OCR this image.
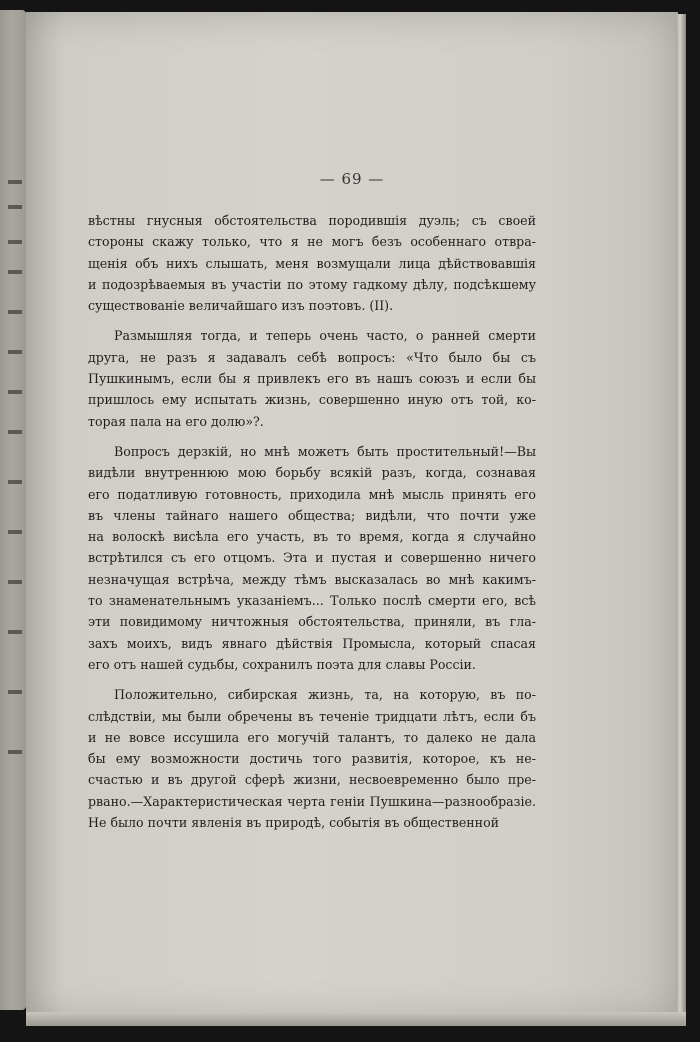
— 69 —
вѣстны гнусныя обстоятельства породившія дуэль; съ своей
стороны скажу только, что я не могъ безъ особеннаго отвра-
щенія объ нихъ слышать, меня возмущали лица дѣйствовавшія
и подозрѣваемыя въ участіи по этому гадкому дѣлу, подсѣкшему
существованіе величайшаго изъ поэтовъ. (II).
Размышляя тогда, и теперь очень часто, о ранней смерти
друга, не разъ я задавалъ себѣ вопросъ: «Что было бы съ
Пушкинымъ, если бы я привлекъ его въ нашъ союзъ и если бы
пришлось ему испытать жизнь, совершенно иную отъ той, ко-
торая пала на его долю»?.
Вопросъ дерзкій, но мнѣ можетъ быть простительный!—Вы
видѣли внутреннюю мою борьбу всякій разъ, когда, сознавая
его податливую готовность, приходила мнѣ мысль принять его
въ члены тайнаго нашего общества; видѣли, что почти уже
на волоскѣ висѣла его участь, въ то время, когда я случайно
встрѣтился съ его отцомъ. Эта и пустая и совершенно ничего
незначущая встрѣча, между тѣмъ высказалась во мнѣ какимъ-
то знаменательнымъ указаніемъ... Только послѣ смерти его, всѣ
эти повидимому ничтожныя обстоятельства, приняли, въ гла-
захъ моихъ, видъ явнаго дѣйствія Промысла, который спасая
его отъ нашей судьбы, сохранилъ поэта для славы Россіи.
Положительно, сибирская жизнь, та, на которую, въ по-
слѣдствіи, мы были обречены въ теченіе тридцати лѣтъ, если бъ
и не вовсе иссушила его могучій талантъ, то далеко не дала
бы ему возможности достичь того развитія, которое, къ не-
счастью и въ другой сферѣ жизни, несвоевременно было пре-
рвано.—Характеристическая черта геніи Пушкина—разнообразіе.
Не было почти явленія въ природѣ, событія въ общественной
